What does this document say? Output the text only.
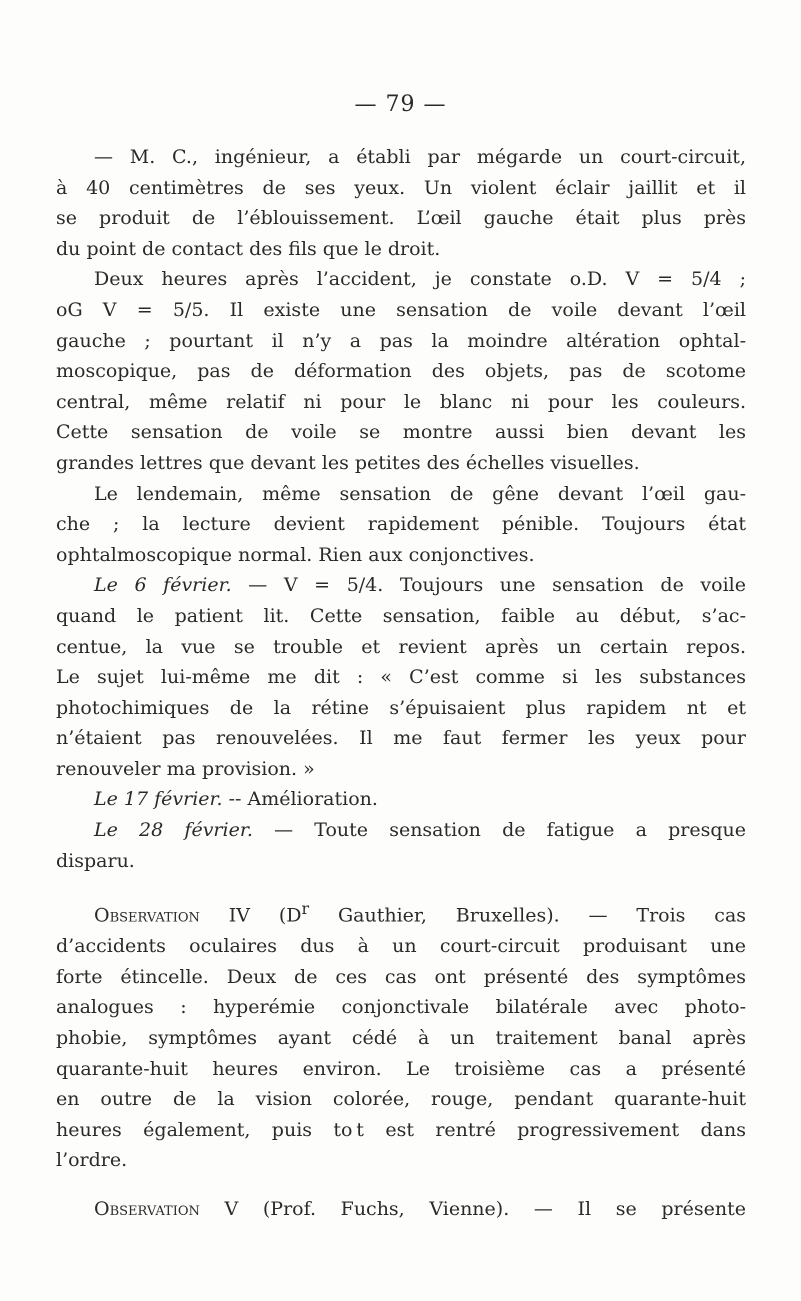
— 79 —

— M. C., ingénieur, a établi par mégarde un court-circuit,
à 40 centimètres de ses yeux. Un violent éclair jaillit et il
se produit de l’éblouissement. L’œil gauche était plus près
du point de contact des fils que le droit.

Deux heures après l’accident, je constate o.D. V = 5/4 ;
oG V = 5/5. Il existe une sensation de voile devant l’œil
gauche ; pourtant il n’y a pas la moindre altération ophtal-
moscopique, pas de déformation des objets, pas de scotome
central, même relatif ni pour le blanc ni pour les couleurs.
Cette sensation de voile se montre aussi bien devant les
grandes lettres que devant les petites des échelles visuelles.

Le lendemain, même sensation de gêne devant l’œil gau-
che ; la lecture devient rapidement pénible. Toujours état
ophtalmoscopique normal. Rien aux conjonctives.

Le 6 février. — V = 5/4. Toujours une sensation de voile
quand le patient lit. Cette sensation, faible au début, s’ac-
centue, la vue se trouble et revient après un certain repos.
Le sujet lui-même me dit : « C’est comme si les substances
photochimiques de la rétine s’épuisaient plus rapidem nt et
n’étaient pas renouvelées. Il me faut fermer les yeux pour
renouveler ma provision. »

Le 17 février. -- Amélioration.

Le 28 février. — Toute sensation de fatigue a presque
disparu.

Observation IV ($D^r$ Gauthier, Bruxelles). — Trois cas
d’accidents oculaires dus à un court-circuit produisant une
forte étincelle. Deux de ces cas ont présenté des symptômes
analogues : hyperémie conjonctivale bilatérale avec photo-
phobie, symptômes ayant cédé à un traitement banal après
quarante-huit heures environ. Le troisième cas a présenté
en outre de la vision colorée, rouge, pendant quarante-huit
heures également, puis to t est rentré progressivement dans
l’ordre.

Observation V (Prof. Fuchs, Vienne). — Il se présente
